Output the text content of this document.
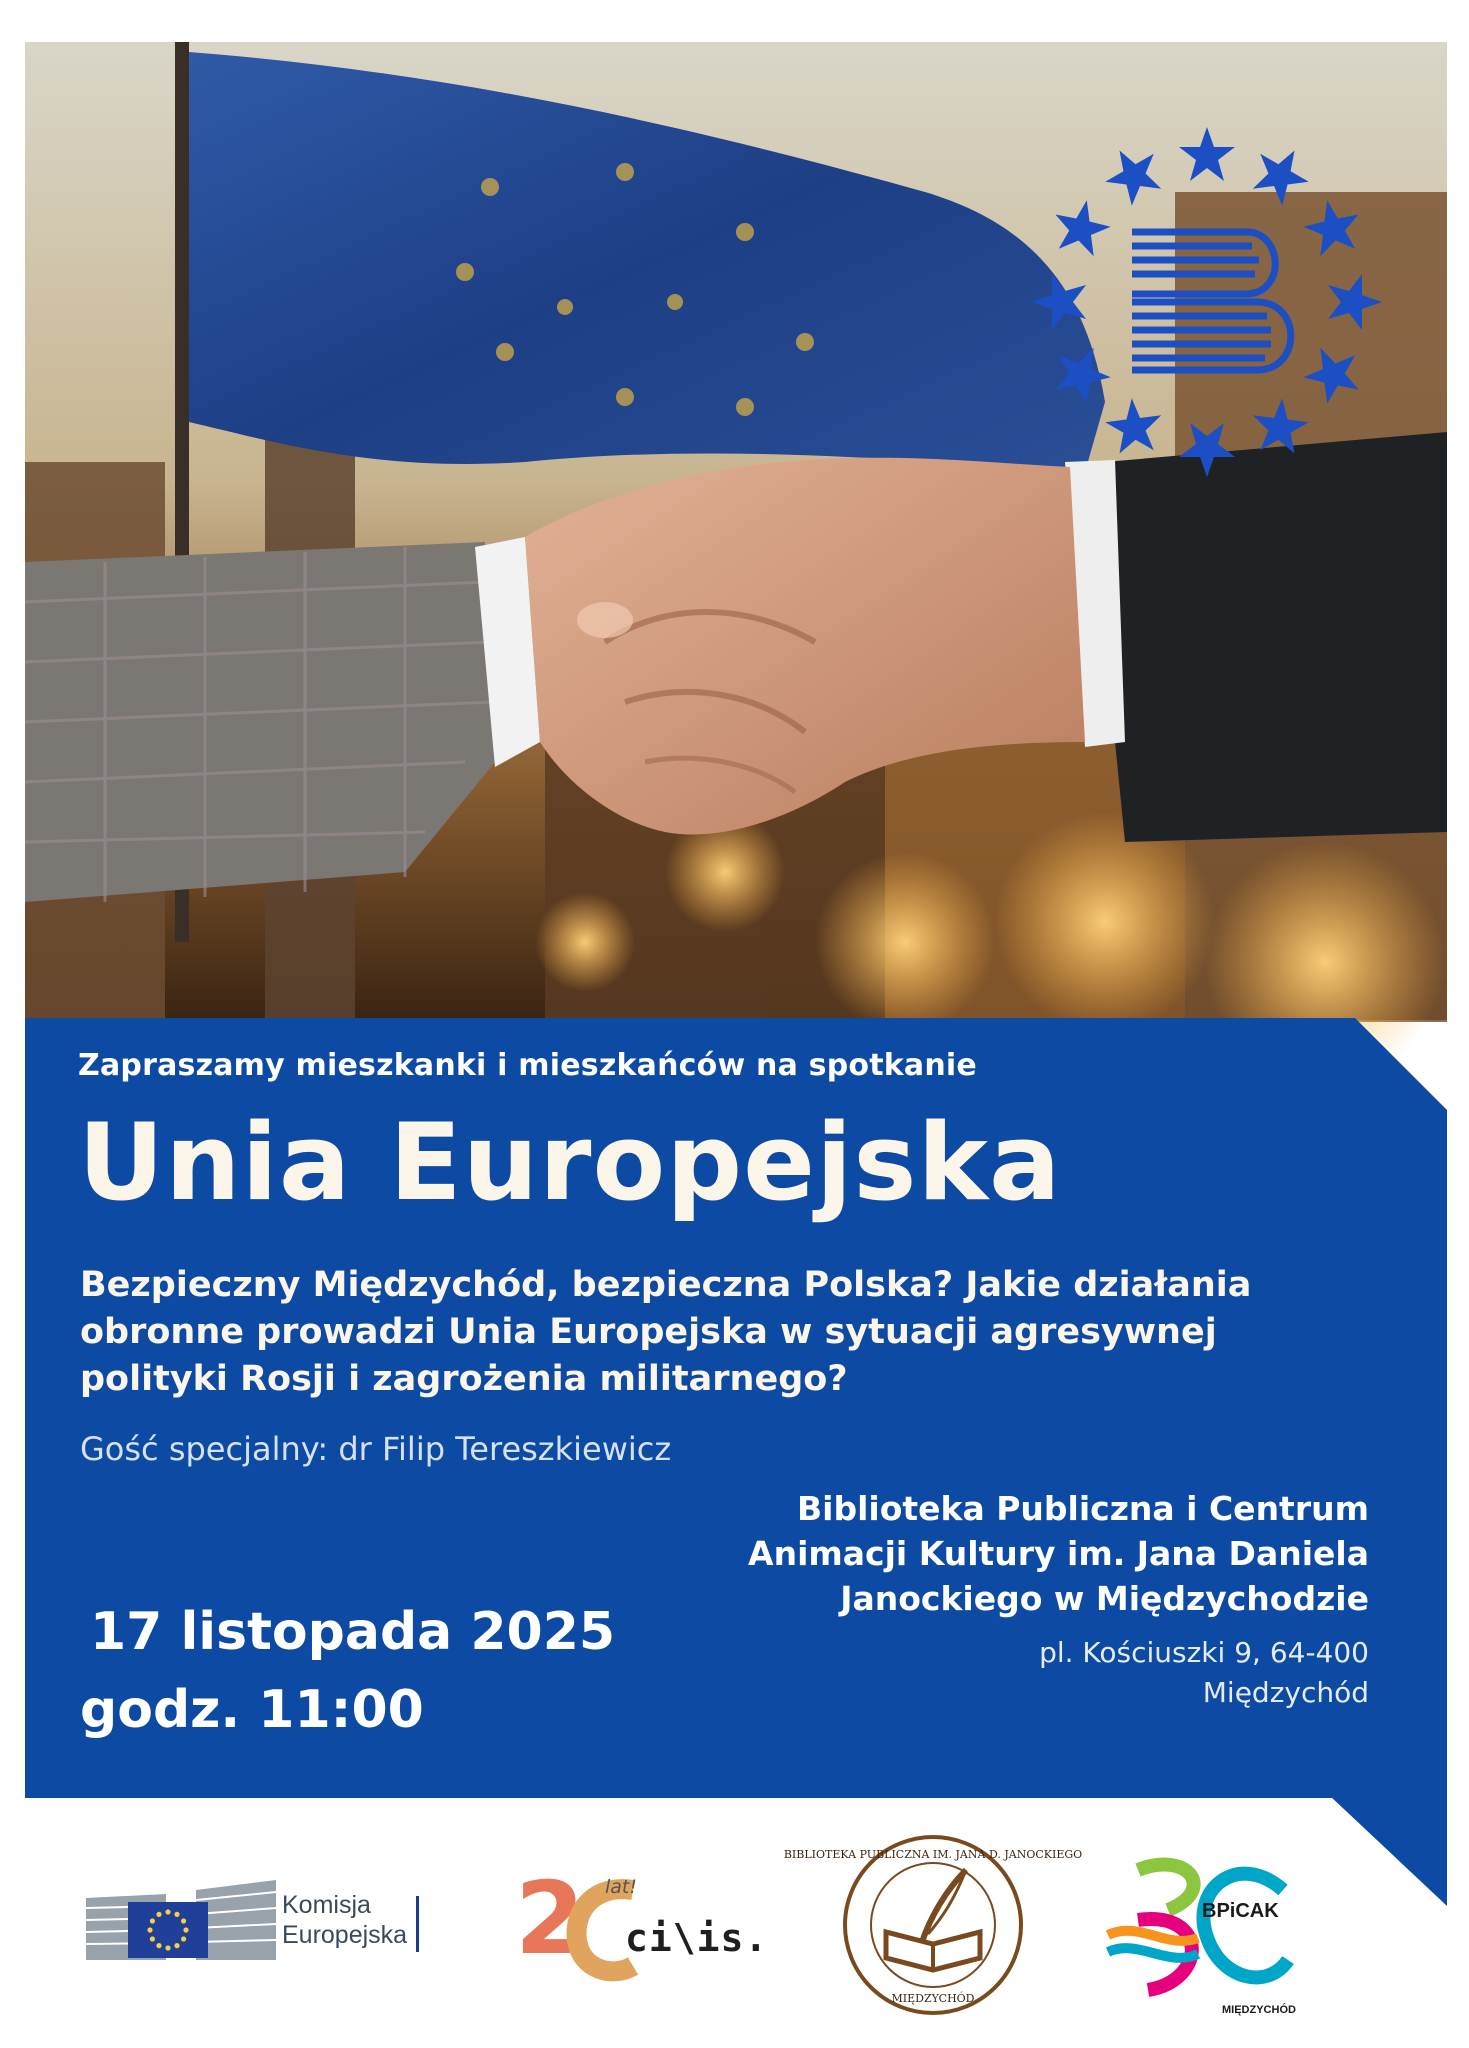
Zapraszamy mieszkanki i mieszkańców na spotkanie
Unia Europejska
Bezpieczny Międzychód, bezpieczna Polska? Jakie działania obronne prowadzi Unia Europejska w sytuacji agresywnej polityki Rosji i zagrożenia militarnego?
Gość specjalny: dr Filip Tereszkiewicz
Biblioteka Publiczna i Centrum
Animacji Kultury im. Jana Daniela
Janockiego w Międzychodzie
pl. Kościuszki 9, 64-400
Międzychód
17 listopada 2025
godz. 11:00
Komisja
Europejska 2 lat!
ci\is.
BIBLIOTEKA PUBLICZNA IM. JANA D. JANOCKIEGO
MIĘDZYCHÓD
BPiCAK
MIĘDZYCHÓD
